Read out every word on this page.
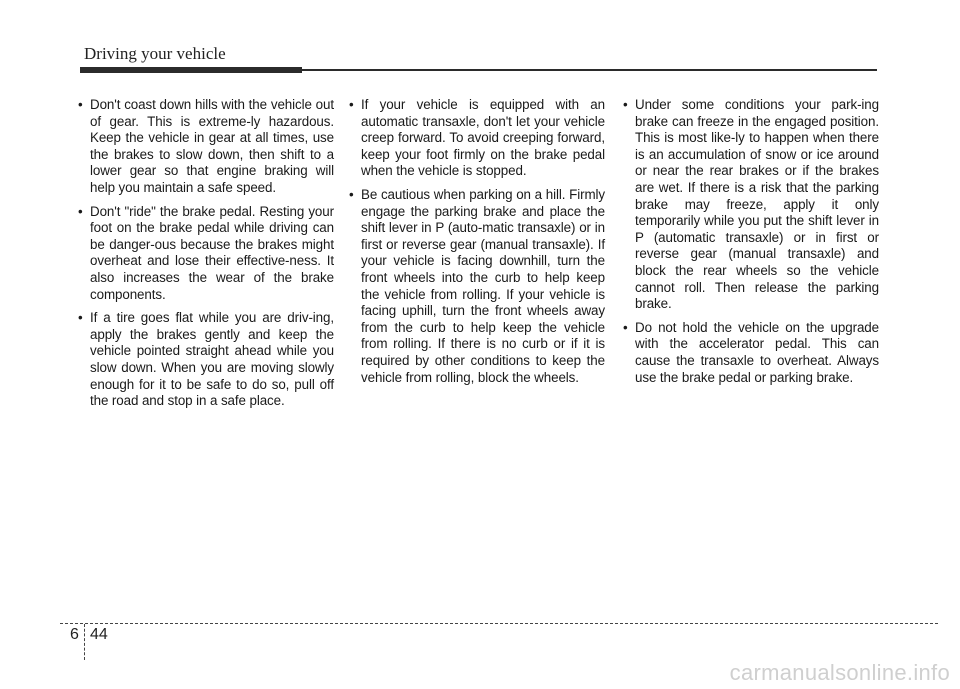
Driving your vehicle
• Don't coast down hills with the vehicle out of gear. This is extreme-ly hazardous. Keep the vehicle in gear at all times, use the brakes to slow down, then shift to a lower gear so that engine braking will help you maintain a safe speed.
• Don't "ride" the brake pedal. Resting your foot on the brake pedal while driving can be danger-ous because the brakes might overheat and lose their effective-ness. It also increases the wear of the brake components.
• If a tire goes flat while you are driv-ing, apply the brakes gently and keep the vehicle pointed straight ahead while you slow down. When you are moving slowly enough for it to be safe to do so, pull off the road and stop in a safe place.
• If your vehicle is equipped with an automatic transaxle, don't let your vehicle creep forward. To avoid creeping forward, keep your foot firmly on the brake pedal when the vehicle is stopped.
• Be cautious when parking on a hill. Firmly engage the parking brake and place the shift lever in P (auto-matic transaxle) or in first or reverse gear (manual transaxle). If your vehicle is facing downhill, turn the front wheels into the curb to help keep the vehicle from rolling. If your vehicle is facing uphill, turn the front wheels away from the curb to help keep the vehicle from rolling. If there is no curb or if it is required by other conditions to keep the vehicle from rolling, block the wheels.
• Under some conditions your park-ing brake can freeze in the engaged position. This is most like-ly to happen when there is an accumulation of snow or ice around or near the rear brakes or if the brakes are wet. If there is a risk that the parking brake may freeze, apply it only temporarily while you put the shift lever in P (automatic transaxle) or in first or reverse gear (manual transaxle) and block the rear wheels so the vehicle cannot roll. Then release the parking brake.
• Do not hold the vehicle on the upgrade with the accelerator pedal. This can cause the transaxle to overheat. Always use the brake pedal or parking brake.
6 44
carmanualsonline.info
